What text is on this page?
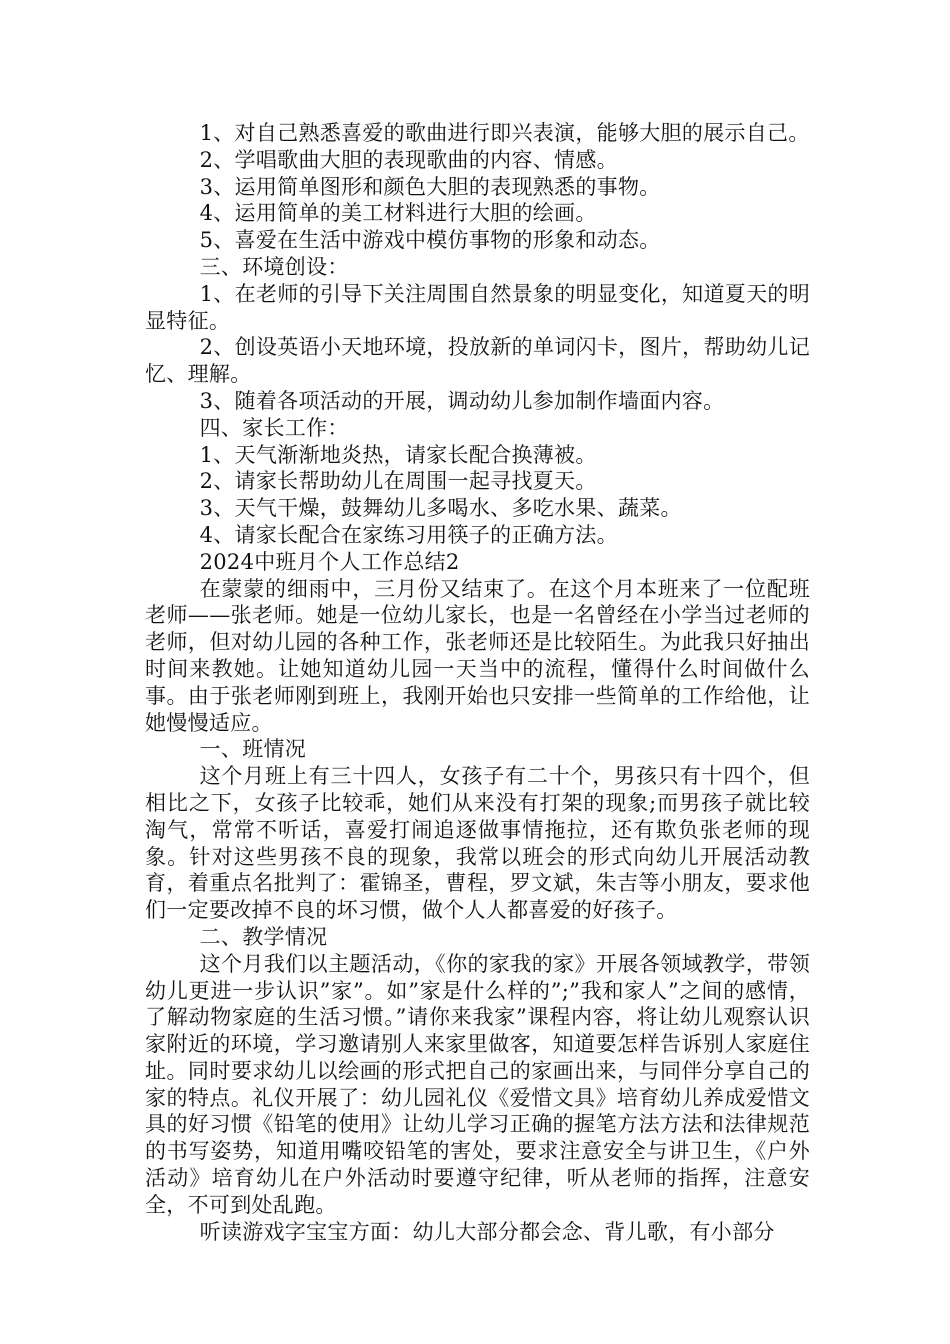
1、对自己熟悉喜爱的歌曲进行即兴表演，能够大胆的展示自己。

2、学唱歌曲大胆的表现歌曲的内容、情感。

3、运用简单图形和颜色大胆的表现熟悉的事物。

4、运用简单的美工材料进行大胆的绘画。

5、喜爱在生活中游戏中模仿事物的形象和动态。

三、环境创设：

1、在老师的引导下关注周围自然景象的明显变化，知道夏天的明显特征。

2、创设英语小天地环境，投放新的单词闪卡，图片，帮助幼儿记忆、理解。

3、随着各项活动的开展，调动幼儿参加制作墙面内容。

四、家长工作：

1、天气渐渐地炎热，请家长配合换薄被。

2、请家长帮助幼儿在周围一起寻找夏天。

3、天气干燥，鼓舞幼儿多喝水、多吃水果、蔬菜。

4、请家长配合在家练习用筷子的正确方法。

2024中班月个人工作总结2

在蒙蒙的细雨中，三月份又结束了。在这个月本班来了一位配班老师——张老师。她是一位幼儿家长，也是一名曾经在小学当过老师的老师，但对幼儿园的各种工作，张老师还是比较陌生。为此我只好抽出时间来教她。让她知道幼儿园一天当中的流程，懂得什么时间做什么事。由于张老师刚到班上，我刚开始也只安排一些简单的工作给他，让她慢慢适应。

一、班情况

这个月班上有三十四人，女孩子有二十个，男孩只有十四个，但相比之下，女孩子比较乖，她们从来没有打架的现象;而男孩子就比较淘气，常常不听话，喜爱打闹追逐做事情拖拉，还有欺负张老师的现象。针对这些男孩不良的现象，我常以班会的形式向幼儿开展活动教育，着重点名批判了：霍锦圣，曹程，罗文斌，朱吉等小朋友，要求他们一定要改掉不良的坏习惯，做个人人都喜爱的好孩子。

二、教学情况

这个月我们以主题活动，《你的家我的家》开展各领域教学，带领幼儿更进一步认识”家”。如”家是什么样的”;”我和家人”之间的感情，了解动物家庭的生活习惯。”请你来我家”课程内容，将让幼儿观察认识家附近的环境，学习邀请别人来家里做客，知道要怎样告诉别人家庭住址。同时要求幼儿以绘画的形式把自己的家画出来，与同伴分享自己的家的特点。礼仪开展了：幼儿园礼仪《爱惜文具》培育幼儿养成爱惜文具的好习惯《铅笔的使用》让幼儿学习正确的握笔方法方法和法律规范的书写姿势，知道用嘴咬铅笔的害处，要求注意安全与讲卫生，《户外活动》培育幼儿在户外活动时要遵守纪律，听从老师的指挥，注意安全，不可到处乱跑。

听读游戏字宝宝方面：幼儿大部分都会念、背儿歌，有小部分
